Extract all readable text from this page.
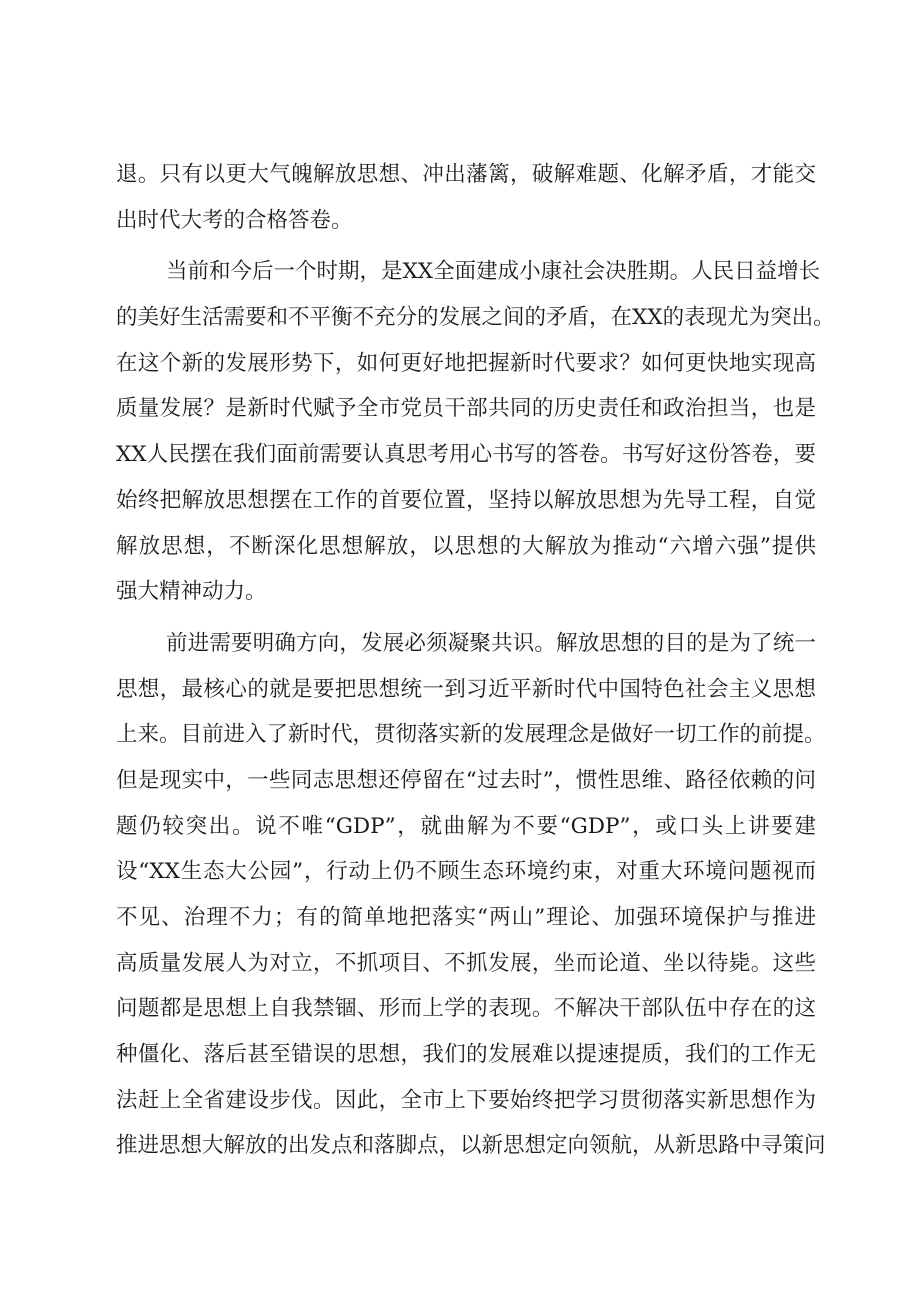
退。只有以更大气魄解放思想、冲出藩篱，破解难题、化解矛盾，才能交
出时代大考的合格答卷。
当前和今后一个时期，是XX全面建成小康社会决胜期。人民日益增长
的美好生活需要和不平衡不充分的发展之间的矛盾，在XX的表现尤为突出。
在这个新的发展形势下，如何更好地把握新时代要求？如何更快地实现高
质量发展？是新时代赋予全市党员干部共同的历史责任和政治担当，也是
XX人民摆在我们面前需要认真思考用心书写的答卷。书写好这份答卷，要
始终把解放思想摆在工作的首要位置，坚持以解放思想为先导工程，自觉
解放思想，不断深化思想解放，以思想的大解放为推动“六增六强”提供
强大精神动力。
前进需要明确方向，发展必须凝聚共识。解放思想的目的是为了统一
思想，最核心的就是要把思想统一到习近平新时代中国特色社会主义思想
上来。目前进入了新时代，贯彻落实新的发展理念是做好一切工作的前提。
但是现实中，一些同志思想还停留在“过去时”，惯性思维、路径依赖的问
题仍较突出。说不唯“GDP”，就曲解为不要“GDP”，或口头上讲要建
设“XX生态大公园”，行动上仍不顾生态环境约束，对重大环境问题视而
不见、治理不力；有的简单地把落实“两山”理论、加强环境保护与推进
高质量发展人为对立，不抓项目、不抓发展，坐而论道、坐以待毙。这些
问题都是思想上自我禁锢、形而上学的表现。不解决干部队伍中存在的这
种僵化、落后甚至错误的思想，我们的发展难以提速提质，我们的工作无
法赶上全省建设步伐。因此，全市上下要始终把学习贯彻落实新思想作为
推进思想大解放的出发点和落脚点，以新思想定向领航，从新思路中寻策问
